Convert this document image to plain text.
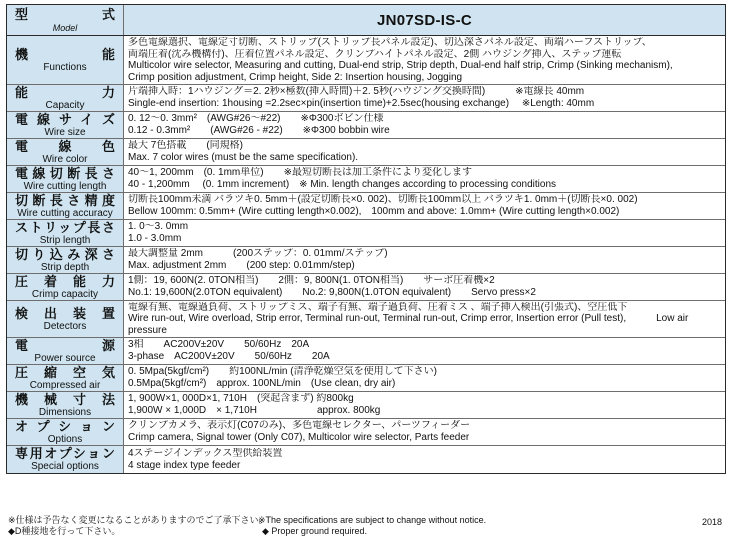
型　　式
Model	JN07SD-IS-C
機　　能
Functions
多色電線選択、電線定寸切断、ストリップ(ストリップ長パネル設定)、切込深さパネル設定、両端ハーフストリップ、
両端圧着(沈み機構付)、圧着位置パネル設定、クリンプハイトパネル設定、2側 ハウジング挿入、ステップ運転
Multicolor wire selector, Measuring and cutting, Dual-end strip, Strip depth, Dual-end half strip, Crimp (Sinking mechanism),
Crimp position adjustment, Crimp height, Side 2: Insertion housing, Jogging
能　　力
Capacity
片端挿入時：1ハウジング＝2. 2秒×極数(挿入時間)＋2. 5秒(ハウジング交換時間)　　　※電線長 40mm
Single-end insertion: 1housing =2.2sec×pin(insertion time)+2.5sec(housing exchange)　 ※Length: 40mm
電線サイズ
Wire size
0. 12～0. 3mm²　(AWG#26～#22)　　※Φ300ボビン仕様
0.12 - 0.3mm²　　(AWG#26 - #22)　　※Φ300 bobbin wire
電線色
Wire color
最大 7色搭載　　(同規格)
Max. 7 color wires (must be the same specification).
電線切断長さ
Wire cutting length
40～1, 200mm　(0. 1mm単位)　　※最短切断長は加工条件により変化します
40 - 1,200mm　 (0. 1mm increment)　※ Min. length changes according to processing conditions
切断長さ精度
Wire cutting accuracy
切断長100mm未満 バラツキ0. 5mm＋(設定切断長×0. 002)、切断長100mm以上 バラツキ1. 0mm＋(切断長×0. 002)
Bellow 100mm: 0.5mm+ (Wire cutting length×0.002),　100mm and above: 1.0mm+ (Wire cutting length×0.002)
ストリップ長さ
Strip length
1. 0～3. 0mm
1.0 - 3.0mm
切り込み深さ
Strip depth
最大調整量 2mm　　　(200ステップ：0. 01mm/ステップ)
Max. adjustment 2mm　　(200 step: 0.01mm/step)
圧着能力
Crimp capacity
1側：19, 600N(2. 0TON相当)　　2側：9, 800N(1. 0TON相当)　　サーボ圧着機×2
No.1: 19,600N(2.0TON equivalent)　　No.2: 9,800N(1.0TON equivalent)　　Servo press×2
検出装置
Detectors
電線有無、電線過負荷、ストリップミス、端子有無、端子過負荷、圧着ミス 、端子挿入検出(引張式)、空圧低下
Wire run-out, Wire overload, Strip error, Terminal run-out, Terminal run-out, Crimp error, Insertion error (Pull test),　　　Low air
pressure
電　　源
Power source
3相　　AC200V±20V　　50/60Hz　20A
3-phase　AC200V±20V　　50/60Hz　　20A
圧縮空気
Compressed air
0. 5Mpa(5kgf/cm²)　　約100NL/min (清浄乾燥空気を使用して下さい)
0.5Mpa(5kgf/cm²)　approx. 100NL/min　(Use clean, dry air)
機械寸法
Dimensions
1, 900W×1, 000D×1, 710H　(突起含まず) 約800kg
1,900W × 1,000D　× 1,710H　　　　　　approx. 800kg
オプション
Options
クリンプカメラ、表示灯(C07のみ)、多色電線セレクター、パーツフィーダー
Crimp camera, Signal tower (Only C07), Multicolor wire selector, Parts feeder
専用オプション
Special options
4ステージインデックス型供給装置
4 stage index type feeder
※仕様は予告なく変更になることがありますのでご了承下さい。
◆D種接地を行って下さい。
※The specifications are subject to change without notice.
◆ Proper ground required.
2018
